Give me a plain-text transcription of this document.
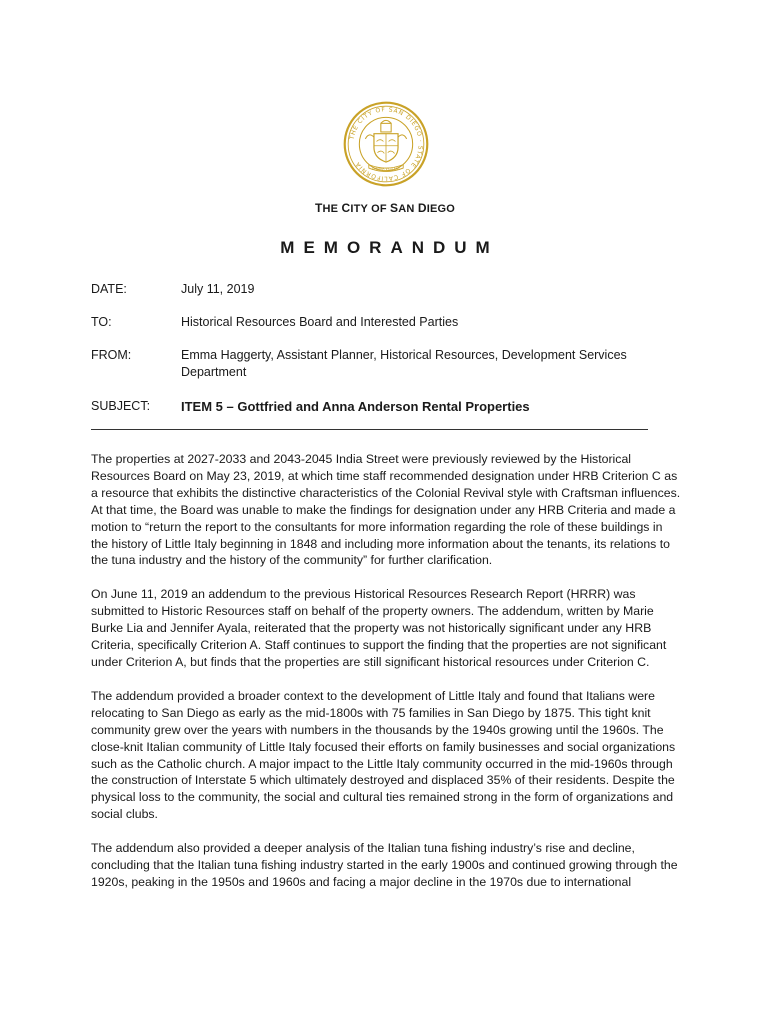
THE CITY OF SAN DIEGO · STATE OF CALIFORNIA
SEMPER VIGILANS
THE CITY OF SAN DIEGO
MEMORANDUM
DATE:	July 11, 2019
TO:	Historical Resources Board and Interested Parties
FROM:	Emma Haggerty, Assistant Planner, Historical Resources, Development Services Department
SUBJECT:	ITEM 5 – Gottfried and Anna Anderson Rental Properties

The properties at 2027-2033 and 2043-2045 India Street were previously reviewed by the Historical Resources Board on May 23, 2019, at which time staff recommended designation under HRB Criterion C as a resource that exhibits the distinctive characteristics of the Colonial Revival style with Craftsman influences. At that time, the Board was unable to make the findings for designation under any HRB Criteria and made a motion to “return the report to the consultants for more information regarding the role of these buildings in the history of Little Italy beginning in 1848 and including more information about the tenants, its relations to the tuna industry and the history of the community” for further clarification.

On June 11, 2019 an addendum to the previous Historical Resources Research Report (HRRR) was submitted to Historic Resources staff on behalf of the property owners. The addendum, written by Marie Burke Lia and Jennifer Ayala, reiterated that the property was not historically significant under any HRB Criteria, specifically Criterion A. Staff continues to support the finding that the properties are not significant under Criterion A, but finds that the properties are still significant historical resources under Criterion C.

The addendum provided a broader context to the development of Little Italy and found that Italians were relocating to San Diego as early as the mid-1800s with 75 families in San Diego by 1875. This tight knit community grew over the years with numbers in the thousands by the 1940s growing until the 1960s. The close-knit Italian community of Little Italy focused their efforts on family businesses and social organizations such as the Catholic church. A major impact to the Little Italy community occurred in the mid-1960s through the construction of Interstate 5 which ultimately destroyed and displaced 35% of their residents. Despite the physical loss to the community, the social and cultural ties remained strong in the form of organizations and social clubs.

The addendum also provided a deeper analysis of the Italian tuna fishing industry’s rise and decline, concluding that the Italian tuna fishing industry started in the early 1900s and continued growing through the 1920s, peaking in the 1950s and 1960s and facing a major decline in the 1970s due to international
